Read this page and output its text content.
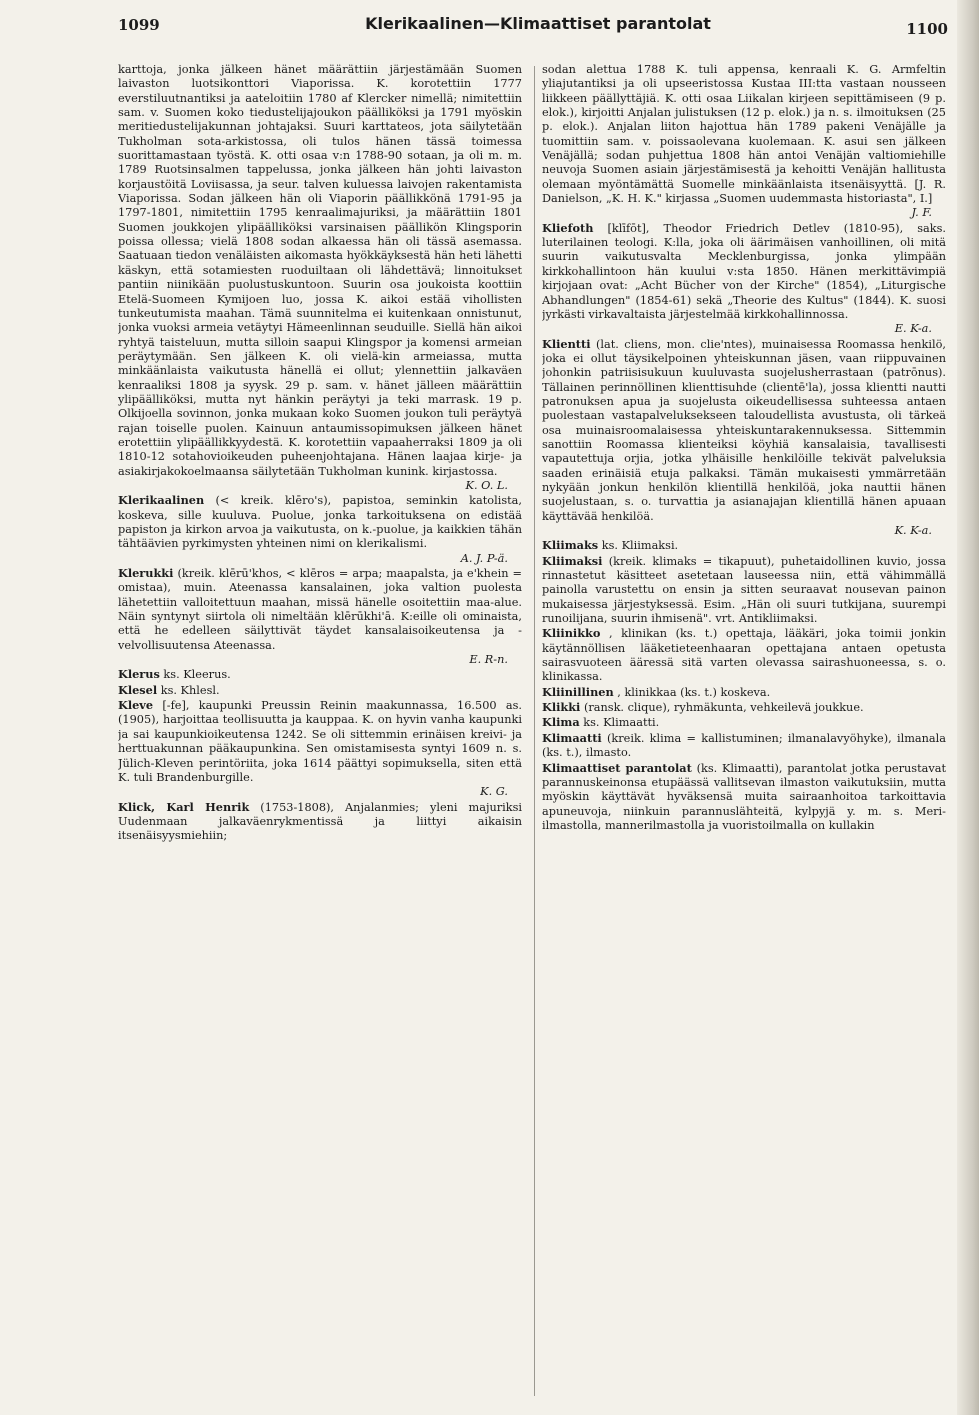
1099	Klerikaalinen—Klimaattiset parantolat	1100

karttoja, jonka jälkeen hänet määrättiin järjestämään Suomen laivaston luotsikonttori Viaporissa. K. korotettiin 1777 everstiluutnantiksi ja aateloitiin 1780 af Klercker nimellä; nimitettiin sam. v. Suomen koko tiedustelijajoukon päälliköksi ja 1791 myöskin meritiedustelijakunnan johtajaksi. Suuri karttateos, jota säilytetään Tukholman sota-arkistossa, oli tulos hänen tässä toimessa suorittamastaan työstä. K. otti osaa v:n 1788-90 sotaan, ja oli m. m. 1789 Ruotsinsalmen tappelussa, jonka jälkeen hän johti laivaston korjaustöitä Loviisassa, ja seur. talven kuluessa laivojen rakentamista Viaporissa. Sodan jälkeen hän oli Viaporin päällikkönä 1791-95 ja 1797-1801, nimitettiin 1795 kenraalimajuriksi, ja määrättiin 1801 Suomen joukkojen ylipäälliköksi varsinaisen päällikön Klingsporin poissa ollessa; vielä 1808 sodan alkaessa hän oli tässä asemassa. Saatuaan tiedon venäläisten aikomasta hyökkäyksestä hän heti lähetti käskyn, että sotamiesten ruoduiltaan oli lähdettävä; linnoitukset pantiin niinikään puolustuskuntoon. Suurin osa joukoista koottiin Etelä-Suomeen Kymijoen luo, jossa K. aikoi estää vihollisten tunkeutumista maahan. Tämä suunnitelma ei kuitenkaan onnistunut, jonka vuoksi armeia vetäytyi Hämeenlinnan seuduille. Siellä hän aikoi ryhtyä taisteluun, mutta silloin saapui Klingspor ja komensi armeian peräytymään. Sen jälkeen K. oli vielä-kin armeiassa, mutta minkäänlaista vaikutusta hänellä ei ollut; ylennettiin jalkaväen kenraaliksi 1808 ja syysk. 29 p. sam. v. hänet jälleen määrättiin ylipäälliköksi, mutta nyt hänkin peräytyi ja teki marrask. 19 p. Olkijoella sovinnon, jonka mukaan koko Suomen joukon tuli peräytyä rajan toiselle puolen. Kainuun antaumissopimuksen jälkeen hänet erotettiin ylipäällikkyydestä. K. korotettiin vapaaherraksi 1809 ja oli 1810-12 sotahovioikeuden puheenjohtajana. Hänen laajaa kirje- ja asiakirjakokoelmaansa säilytetään Tukholman kunink. kirjastossa.
K. O. L.

Klerikaalinen (< kreik. klēro's), papistoa, seminkin katolista, koskeva, sille kuuluva. Puolue, jonka tarkoituksena on edistää papiston ja kirkon arvoa ja vaikutusta, on k.-puolue, ja kaikkien tähän tähtäävien pyrkimysten yhteinen nimi on klerikalismi.
A. J. P-ä.

Klerukki (kreik. klērū'khos, < klēros = arpa; maapalsta, ja e'khein = omistaa), muin. Ateenassa kansalainen, joka valtion puolesta lähetettiin valloitettuun maahan, missä hänelle osoitettiin maa-alue. Näin syntynyt siirtola oli nimeltään klērūkhi'ā. K:eille oli ominaista, että he edelleen säilyttivät täydet kansalaisoikeutensa ja -velvollisuutensa Ateenassa.
E. R-n.

Klerus ks. Kleerus.

Klesel ks. Khlesl.

Kleve [-fe], kaupunki Preussin Reinin maakunnassa, 16.500 as. (1905), harjoittaa teollisuutta ja kauppaa. K. on hyvin vanha kaupunki ja sai kaupunkioikeutensa 1242. Se oli sittemmin erinäisen kreivi- ja herttuakunnan pääkaupunkina. Sen omistamisesta syntyi 1609 n. s. Jülich-Kleven perintöriita, joka 1614 päättyi sopimuksella, siten että K. tuli Brandenburgille.
K. G.

Klick, Karl Henrik (1753-1808), Anjalanmies; yleni majuriksi Uudenmaan jalkaväenrykmentissä ja liittyi aikaisin itsenäisyysmiehiin;

sodan alettua 1788 K. tuli appensa, kenraali K. G. Armfeltin yliajutantiksi ja oli upseeristossa Kustaa III:tta vastaan nousseen liikkeen päällyttäjiä. K. otti osaa Liikalan kirjeen sepittämiseen (9 p. elok.), kirjoitti Anjalan julistuksen (12 p. elok.) ja n. s. ilmoituksen (25 p. elok.). Anjalan liiton hajottua hän 1789 pakeni Venäjälle ja tuomittiin sam. v. poissaolevana kuolemaan. K. asui sen jälkeen Venäjällä; sodan puhjettua 1808 hän antoi Venäjän valtiomiehille neuvoja Suomen asiain järjestämisestä ja kehoitti Venäjän hallitusta olemaan myöntämättä Suomelle minkäänlaista itsenäisyyttä. [J. R. Danielson, „K. H. K." kirjassa „Suomen uudemmasta historiasta", I.]
J. F.

Kliefoth [klīfōt], Theodor Friedrich Detlev (1810-95), saks. luterilainen teologi. K:lla, joka oli äärimäisen vanhoillinen, oli mitä suurin vaikutusvalta Mecklenburgissa, jonka ylimpään kirkkohallintoon hän kuului v:sta 1850. Hänen merkittävimpiä kirjojaan ovat: „Acht Bücher von der Kirche" (1854), „Liturgische Abhandlungen" (1854-61) sekä „Theorie des Kultus" (1844). K. suosi jyrkästi virkavaltaista järjestelmää kirkkohallinnossa.
E. K-a.

Klientti (lat. cliens, mon. clie'ntes), muinaisessa Roomassa henkilö, joka ei ollut täysikelpoinen yhteiskunnan jäsen, vaan riippuvainen johonkin patriisisukuun kuuluvasta suojelusherrastaan (patrōnus). Tällainen perinnöllinen klienttisuhde (clientē'la), jossa klientti nautti patronuksen apua ja suojelusta oikeudellisessa suhteessa antaen puolestaan vastapalveluksekseen taloudellista avustusta, oli tärkeä osa muinaisroomalaisessa yhteiskuntarakennuksessa. Sittemmin sanottiin Roomassa klienteiksi köyhiä kansalaisia, tavallisesti vapautettuja orjia, jotka ylhäisille henkilöille tekivät palveluksia saaden erinäisiä etuja palkaksi. Tämän mukaisesti ymmärretään nykyään jonkun henkilön klientillä henkilöä, joka nauttii hänen suojelustaan, s. o. turvattia ja asianajajan klientillä hänen apuaan käyttävää henkilöä.
K. K-a.

Kliimaks ks. Kliimaksi.

Kliimaksi (kreik. klimaks = tikapuut), puhetaidollinen kuvio, jossa rinnastetut käsitteet asetetaan lauseessa niin, että vähimmällä painolla varustettu on ensin ja sitten seuraavat nousevan painon mukaisessa järjestyksessä. Esim. „Hän oli suuri tutkijana, suurempi runoilijana, suurin ihmisenä". vrt. Antikliimaksi.

Kliinikko , klinikan (ks. t.) opettaja, lääkäri, joka toimii jonkin käytännöllisen lääketieteenhaaran opettajana antaen opetusta sairasvuoteen ääressä sitä varten olevassa sairashuoneessa, s. o. klinikassa.

Kliinillinen , klinikkaa (ks. t.) koskeva.

Klikki (ransk. clique), ryhmäkunta, vehkeilevä joukkue.

Klima ks. Klimaatti.

Klimaatti (kreik. klima = kallistuminen; ilmanalavyöhyke), ilmanala (ks. t.), ilmasto.

Klimaattiset parantolat (ks. Klimaatti), parantolat jotka perustavat parannuskeinonsa etupäässä vallitsevan ilmaston vaikutuksiin, mutta myöskin käyttävät hyväksensä muita sairaanhoitoa tarkoittavia apuneuvoja, niinkuin parannuslähteitä, kylpyjä y. m. s. Meri-ilmastolla, mannerilmastolla ja vuoristoilmalla on kullakin
